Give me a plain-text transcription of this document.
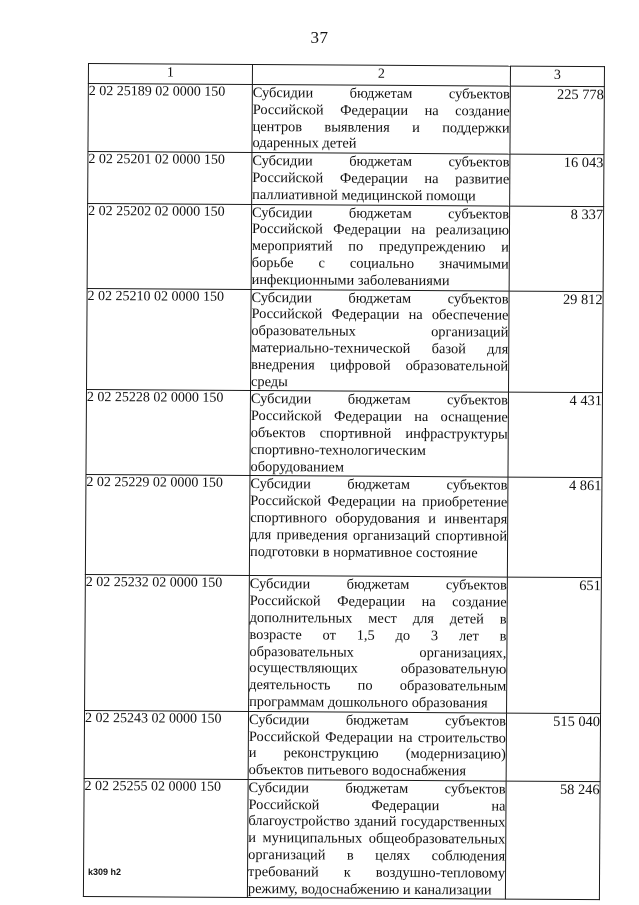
37
1	2	3
2 02 25189 02 0000 150	Субсидии бюджетам субъектов Российской Федерации на создание центров выявления и поддержки одаренных детей	225 778
2 02 25201 02 0000 150	Субсидии бюджетам субъектов Российской Федерации на развитие паллиативной медицинской помощи	16 043
2 02 25202 02 0000 150	Субсидии бюджетам субъектов Российской Федерации на реализацию мероприятий по предупреждению и борьбе с социально значимыми инфекционными заболеваниями	8 337
2 02 25210 02 0000 150	Субсидии бюджетам субъектов Российской Федерации на обеспечение образовательных организаций материально-технической базой для внедрения цифровой образовательной среды	29 812
2 02 25228 02 0000 150	Субсидии бюджетам субъектов Российской Федерации на оснащение объектов спортивной инфраструктуры спортивно-технологическим оборудованием	4 431
2 02 25229 02 0000 150	Субсидии бюджетам субъектов Российской Федерации на приобретение спортивного оборудования и инвентаря для приведения организаций спортивной подготовки в нормативное состояние	4 861
2 02 25232 02 0000 150	Субсидии бюджетам субъектов Российской Федерации на создание дополнительных мест для детей в возрасте от 1,5 до 3 лет в образовательных организациях, осуществляющих образовательную деятельность по образовательным программам дошкольного образования	651
2 02 25243 02 0000 150	Субсидии бюджетам субъектов Российской Федерации на строительство и реконструкцию (модернизацию) объектов питьевого водоснабжения	515 040
2 02 25255 02 0000 150	Субсидии бюджетам субъектов Российской Федерации на благоустройство зданий государственных и муниципальных общеобразовательных организаций в целях соблюдения требований к воздушно-тепловому режиму, водоснабжению и канализации	58 246
k309 h2
